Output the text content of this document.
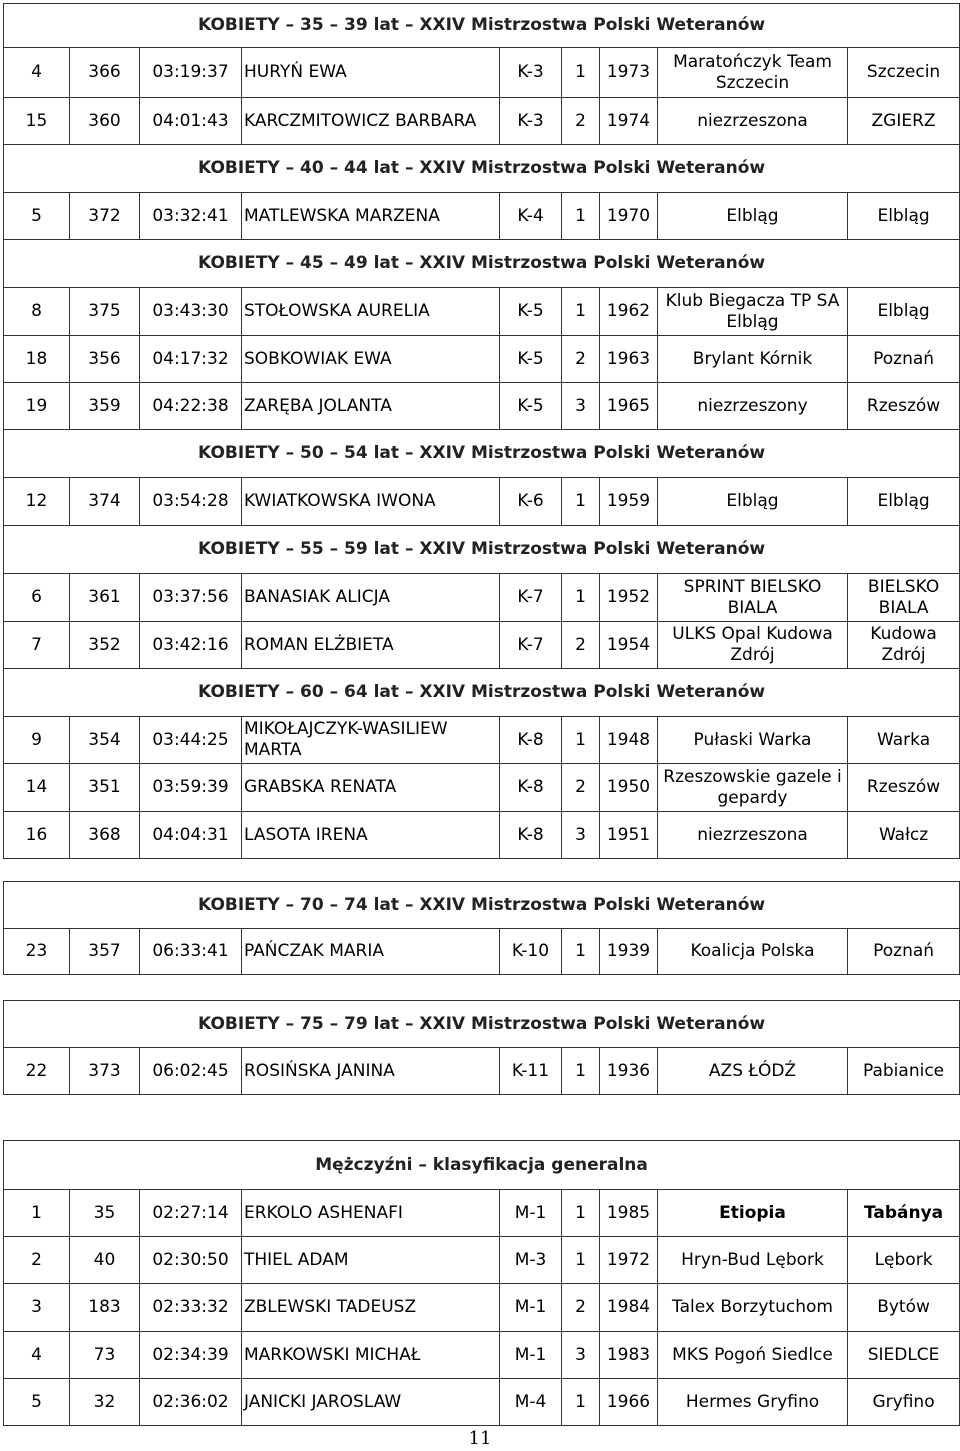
KOBIETY – 35 – 39 lat – XXIV Mistrzostwa Polski Weteranów								
4	366	03:19:37	HURYŃ EWA	K-3	1	1973	Maratończyk Team Szczecin	Szczecin
15	360	04:01:43	KARCZMITOWICZ BARBARA	K-3	2	1974	niezrzeszona	ZGIERZ
KOBIETY – 40 – 44 lat – XXIV Mistrzostwa Polski Weteranów								
5	372	03:32:41	MATLEWSKA MARZENA	K-4	1	1970	Elbląg	Elbląg
KOBIETY – 45 – 49 lat – XXIV Mistrzostwa Polski Weteranów								
8	375	03:43:30	STOŁOWSKA AURELIA	K-5	1	1962	Klub Biegacza TP SA Elbląg	Elbląg
18	356	04:17:32	SOBKOWIAK EWA	K-5	2	1963	Brylant Kórnik	Poznań
19	359	04:22:38	ZARĘBA JOLANTA	K-5	3	1965	niezrzeszony	Rzeszów
KOBIETY – 50 – 54 lat – XXIV Mistrzostwa Polski Weteranów								
12	374	03:54:28	KWIATKOWSKA IWONA	K-6	1	1959	Elbląg	Elbląg
KOBIETY – 55 – 59 lat – XXIV Mistrzostwa Polski Weteranów								
6	361	03:37:56	BANASIAK ALICJA	K-7	1	1952	SPRINT BIELSKO BIALA	BIELSKO BIALA
7	352	03:42:16	ROMAN ELŻBIETA	K-7	2	1954	ULKS Opal Kudowa Zdrój	Kudowa Zdrój
KOBIETY – 60 – 64 lat – XXIV Mistrzostwa Polski Weteranów								
9	354	03:44:25	MIKOŁAJCZYK-WASILIEW MARTA	K-8	1	1948	Pułaski Warka	Warka
14	351	03:59:39	GRABSKA RENATA	K-8	2	1950	Rzeszowskie gazele i gepardy	Rzeszów
16	368	04:04:31	LASOTA IRENA	K-8	3	1951	niezrzeszona	Wałcz
KOBIETY – 70 – 74 lat – XXIV Mistrzostwa Polski Weteranów
23	357	06:33:41	PAŃCZAK MARIA	K-10	1	1939	Koalicja Polska	Poznań
KOBIETY – 75 – 79 lat – XXIV Mistrzostwa Polski Weteranów
22	373	06:02:45	ROSIŃSKA JANINA	K-11	1	1936	AZS ŁÓDŹ	Pabianice
Mężczyźni – klasyfikacja generalna								
1	35	02:27:14	ERKOLO ASHENAFI	M-1	1	1985	Etiopia	Tabánya
2	40	02:30:50	THIEL ADAM	M-3	1	1972	Hryn-Bud Lębork	Lębork
3	183	02:33:32	ZBLEWSKI TADEUSZ	M-1	2	1984	Talex Borzytuchom	Bytów
4	73	02:34:39	MARKOWSKI MICHAŁ	M-1	3	1983	MKS Pogoń Siedlce	SIEDLCE
5	32	02:36:02	JANICKI JAROSLAW	M-4	1	1966	Hermes Gryfino	Gryfino
11
